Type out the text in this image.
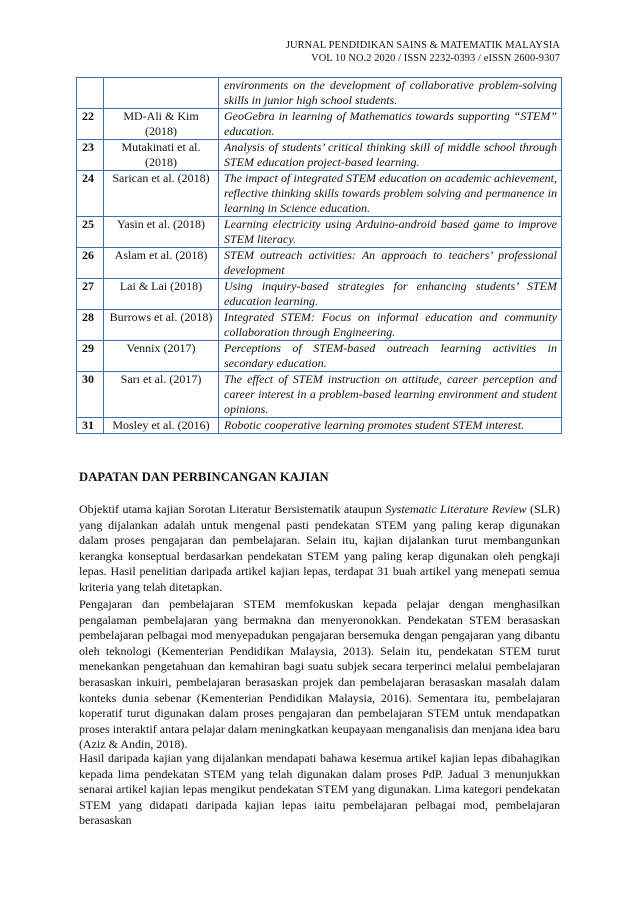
JURNAL PENDIDIKAN SAINS & MATEMATIK MALAYSIA
VOL 10 NO.2 2020 / ISSN 2232-0393 / eISSN 2600-9307
		environments on the development of collaborative problem‑solving skills in junior high school students.
22	MD-Ali & Kim (2018)	GeoGebra in learning of Mathematics towards supporting “STEM” education.
23	Mutakinati et al. (2018)	Analysis of students’ critical thinking skill of middle school through STEM education project-based learning.
24	Sarican et al. (2018)	The impact of integrated STEM education on academic achievement, reflective thinking skills towards problem solving and permanence in learning in Science education.
25	Yasin et al. (2018)	Learning electricity using Arduino-android based game to improve STEM literacy.
26	Aslam et al. (2018)	STEM outreach activities: An approach to teachers’ professional development
27	Lai & Lai (2018)	Using inquiry-based strategies for enhancing students’ STEM education learning.
28	Burrows et al. (2018)	Integrated STEM: Focus on informal education and community collaboration through Engineering.
29	Vennix (2017)	Perceptions of STEM-based outreach learning activities in secondary education.
30	Sarı et al. (2017)	The effect of STEM instruction on attitude, career perception and career interest in a problem-based learning environment and student opinions.
31	Mosley et al. (2016)	Robotic cooperative learning promotes student STEM interest.
DAPATAN DAN PERBINCANGAN KAJIAN

Objektif utama kajian Sorotan Literatur Bersistematik ataupun Systematic Literature Review (SLR) yang dijalankan adalah untuk mengenal pasti pendekatan STEM yang paling kerap digunakan dalam proses pengajaran dan pembelajaran. Selain itu, kajian dijalankan turut membangunkan kerangka konseptual berdasarkan pendekatan STEM yang paling kerap digunakan oleh pengkaji lepas. Hasil penelitian daripada artikel kajian lepas, terdapat 31 buah artikel yang menepati semua kriteria yang telah ditetapkan.

Pengajaran dan pembelajaran STEM memfokuskan kepada pelajar dengan menghasilkan pengalaman pembelajaran yang bermakna dan menyeronokkan. Pendekatan STEM berasaskan pembelajaran pelbagai mod menyepadukan pengajaran bersemuka dengan pengajaran yang dibantu oleh teknologi (Kementerian Pendidikan Malaysia, 2013). Selain itu, pendekatan STEM turut menekankan pengetahuan dan kemahiran bagi suatu subjek secara terperinci melalui pembelajaran berasaskan inkuiri, pembelajaran berasaskan projek dan pembelajaran berasaskan masalah dalam konteks dunia sebenar (Kementerian Pendidikan Malaysia, 2016). Sementara itu, pembelajaran koperatif turut digunakan dalam proses pengajaran dan pembelajaran STEM untuk mendapatkan proses interaktif antara pelajar dalam meningkatkan keupayaan menganalisis dan menjana idea baru (Aziz & Andin, 2018).

Hasil daripada kajian yang dijalankan mendapati bahawa kesemua artikel kajian lepas dibahagikan kepada lima pendekatan STEM yang telah digunakan dalam proses PdP. Jadual 3 menunjukkan senarai artikel kajian lepas mengikut pendekatan STEM yang digunakan. Lima kategori pendekatan STEM yang didapati daripada kajian lepas iaitu pembelajaran pelbagai mod, pembelajaran berasaskan
